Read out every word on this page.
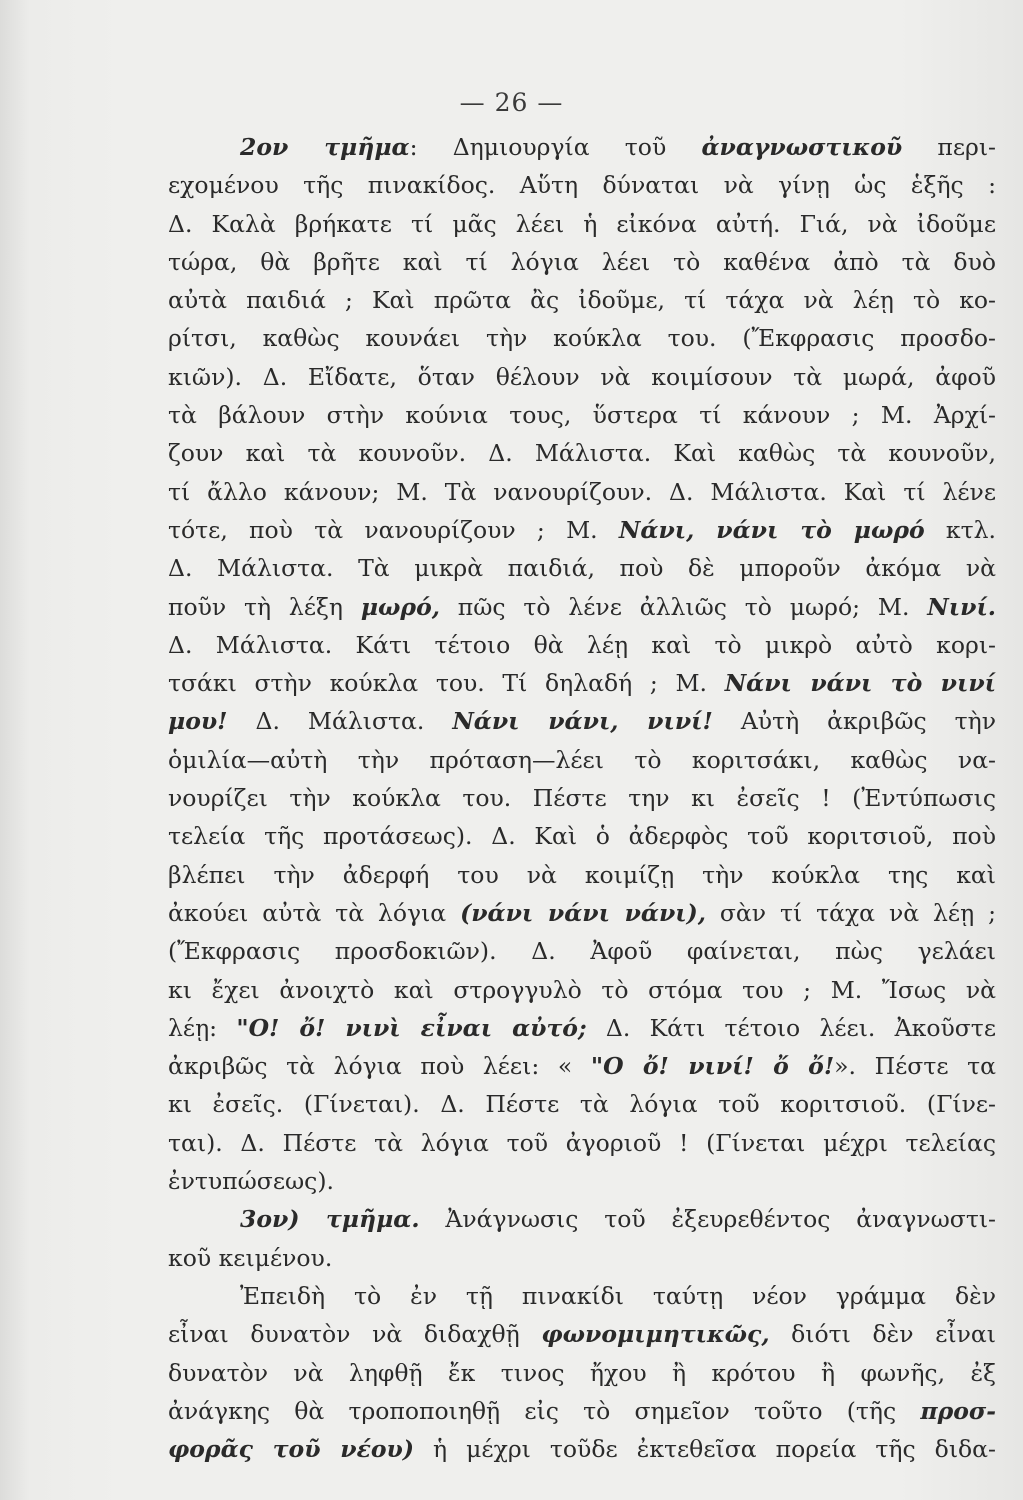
— 26 —
2ον τμῆμα: Δημιουργία τοῦ ἀναγνωστικοῦ περι-
εχομένου τῆς πινακίδος. Αὕτη δύναται νὰ γίνῃ ὡς ἑξῆς :
Δ. Καλὰ βρήκατε τί μᾶς λέει ἡ εἰκόνα αὐτή. Γιά, νὰ ἰδοῦμε
τώρα, θὰ βρῆτε καὶ τί λόγια λέει τὸ καθένα ἀπὸ τὰ δυὸ
αὐτὰ παιδιά ; Καὶ πρῶτα ἂς ἰδοῦμε, τί τάχα νὰ λέῃ τὸ κο-
ρίτσι, καθὼς κουνάει τὴν κούκλα του. (Ἔκφρασις προσδο-
κιῶν). Δ. Εἴδατε, ὅταν θέλουν νὰ κοιμίσουν τὰ μωρά, ἀφοῦ
τὰ βάλουν στὴν κούνια τους, ὕστερα τί κάνουν ; Μ. Ἀρχί-
ζουν καὶ τὰ κουνοῦν. Δ. Μάλιστα. Καὶ καθὼς τὰ κουνοῦν,
τί ἄλλο κάνουν; Μ. Τὰ νανουρίζουν. Δ. Μάλιστα. Καὶ τί λένε
τότε, ποὺ τὰ νανουρίζουν ; Μ. Νάνι, νάνι τὸ μωρό κτλ.
Δ. Μάλιστα. Τὰ μικρὰ παιδιά, ποὺ δὲ μποροῦν ἀκόμα νὰ
ποῦν τὴ λέξη μωρό, πῶς τὸ λένε ἀλλιῶς τὸ μωρό; Μ. Νινί.
Δ. Μάλιστα. Κάτι τέτοιο θὰ λέῃ καὶ τὸ μικρὸ αὐτὸ κορι-
τσάκι στὴν κούκλα του. Τί δηλαδή ; Μ. Νάνι νάνι τὸ νινί
μου! Δ. Μάλιστα. Νάνι νάνι, νινί! Αὐτὴ ἀκριβῶς τὴν
ὁμιλία—αὐτὴ τὴν πρόταση—λέει τὸ κοριτσάκι, καθὼς να-
νουρίζει τὴν κούκλα του. Πέστε την κι ἐσεῖς ! (Ἐντύπωσις
τελεία τῆς προτάσεως). Δ. Καὶ ὁ ἀδερφὸς τοῦ κοριτσιοῦ, ποὺ
βλέπει τὴν ἀδερφή του νὰ κοιμίζῃ τὴν κούκλα της καὶ
ἀκούει αὐτὰ τὰ λόγια (νάνι νάνι νάνι), σὰν τί τάχα νὰ λέῃ ;
(Ἔκφρασις προσδοκιῶν). Δ. Ἀφοῦ φαίνεται, πὼς γελάει
κι ἔχει ἀνοιχτὸ καὶ στρογγυλὸ τὸ στόμα του ; Μ. Ἴσως νὰ
λέῃ: "Ο! ὄ! νινὶ εἶναι αὐτό; Δ. Κάτι τέτοιο λέει. Ἀκοῦστε
ἀκριβῶς τὰ λόγια ποὺ λέει: « "Ο ὄ! νινί! ὄ ὄ!». Πέστε τα
κι ἐσεῖς. (Γίνεται). Δ. Πέστε τὰ λόγια τοῦ κοριτσιοῦ. (Γίνε-
ται). Δ. Πέστε τὰ λόγια τοῦ ἀγοριοῦ ! (Γίνεται μέχρι τελείας
ἐντυπώσεως).
3ον) τμῆμα. Ἀνάγνωσις τοῦ ἐξευρεθέντος ἀναγνωστι-
κοῦ κειμένου.
Ἐπειδὴ τὸ ἐν τῇ πινακίδι ταύτῃ νέον γράμμα δὲν
εἶναι δυνατὸν νὰ διδαχθῇ φωνομιμητικῶς, διότι δὲν εἶναι
δυνατὸν νὰ ληφθῇ ἔκ τινος ἤχου ἢ κρότου ἢ φωνῆς, ἐξ
ἀνάγκης θὰ τροποποιηθῇ εἰς τὸ σημεῖον τοῦτο (τῆς προσ-
φορᾶς τοῦ νέου) ἡ μέχρι τοῦδε ἐκτεθεῖσα πορεία τῆς διδα-
